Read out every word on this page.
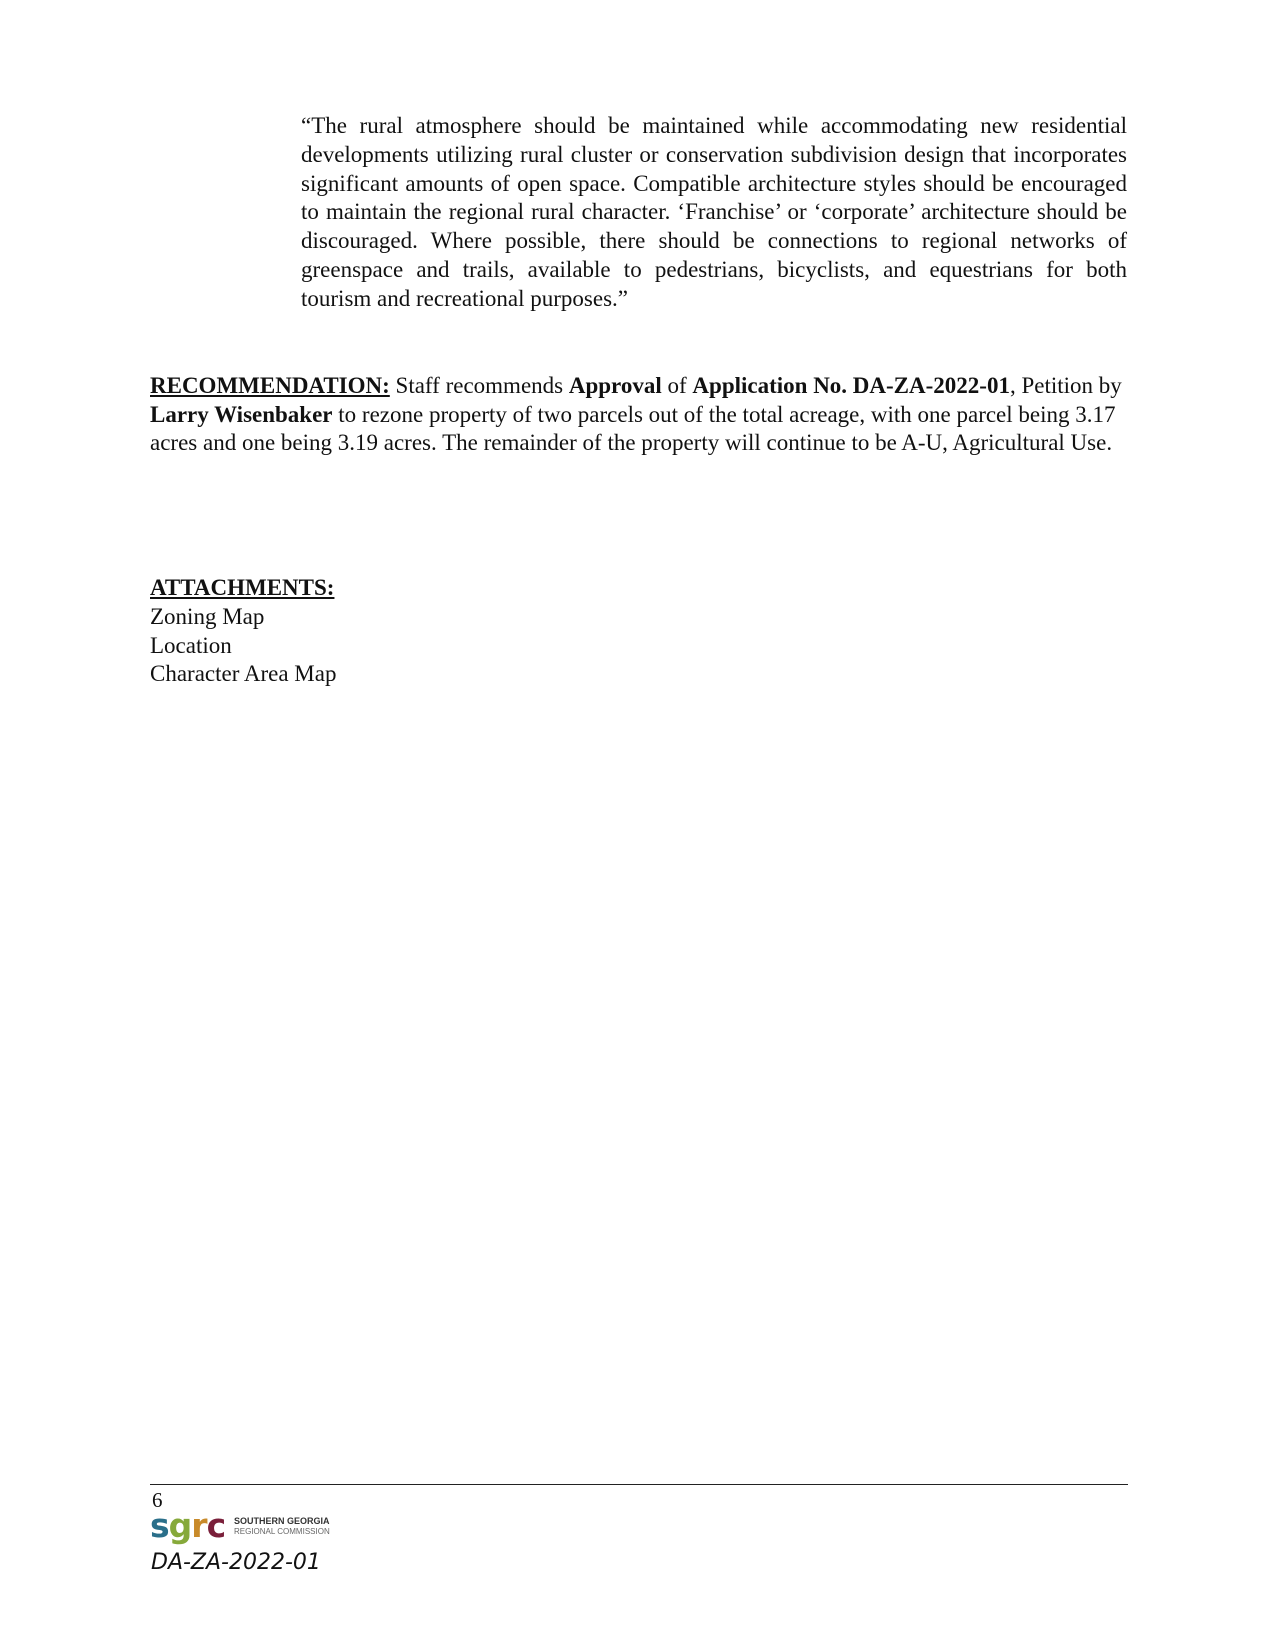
“The rural atmosphere should be maintained while accommodating new residential developments utilizing rural cluster or conservation subdivision design that incorporates significant amounts of open space. Compatible architecture styles should be encouraged to maintain the regional rural character. ‘Franchise’ or ‘corporate’ architecture should be discouraged. Where possible, there should be connections to regional networks of greenspace and trails, available to pedestrians, bicyclists, and equestrians for both tourism and recreational purposes.”

RECOMMENDATION: Staff recommends Approval of Application No. DA-ZA-2022-01, Petition by Larry Wisenbaker to rezone property of two parcels out of the total acreage, with one parcel being 3.17 acres and one being 3.19 acres. The remainder of the property will continue to be A-U, Agricultural Use.

ATTACHMENTS:
Zoning Map
Location
Character Area Map
6
sgrc SOUTHERN GEORGIA
REGIONAL COMMISSION
DA-ZA-2022-01
